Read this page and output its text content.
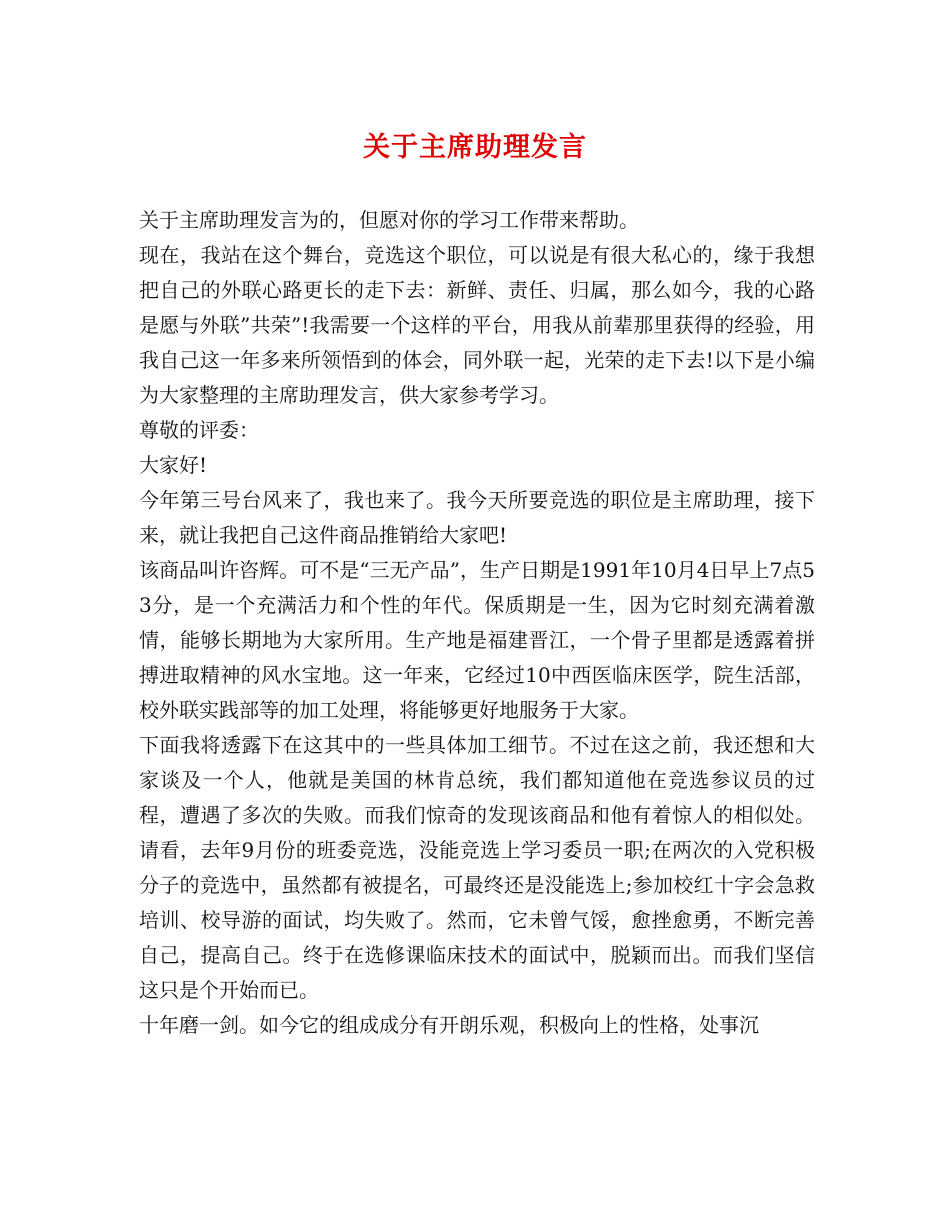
关于主席助理发言

关于主席助理发言为的，但愿对你的学习工作带来帮助。

现在，我站在这个舞台，竞选这个职位，可以说是有很大私心的，缘于我想把自己的外联心路更长的走下去：新鲜、责任、归属，那么如今，我的心路是愿与外联”共荣”!我需要一个这样的平台，用我从前辈那里获得的经验，用我自己这一年多来所领悟到的体会，同外联一起，光荣的走下去!以下是小编为大家整理的主席助理发言，供大家参考学习。

尊敬的评委：

大家好!

今年第三号台风来了，我也来了。我今天所要竞选的职位是主席助理，接下来，就让我把自己这件商品推销给大家吧!

该商品叫许咨辉。可不是“三无产品”，生产日期是1991年10月4日早上7点53分，是一个充满活力和个性的年代。保质期是一生，因为它时刻充满着激情，能够长期地为大家所用。生产地是福建晋江，一个骨子里都是透露着拼搏进取精神的风水宝地。这一年来，它经过10中西医临床医学，院生活部，校外联实践部等的加工处理，将能够更好地服务于大家。

下面我将透露下在这其中的一些具体加工细节。不过在这之前，我还想和大家谈及一个人，他就是美国的林肯总统，我们都知道他在竞选参议员的过程，遭遇了多次的失败。而我们惊奇的发现该商品和他有着惊人的相似处。请看，去年9月份的班委竞选，没能竞选上学习委员一职;在两次的入党积极分子的竞选中，虽然都有被提名，可最终还是没能选上;参加校红十字会急救培训、校导游的面试，均失败了。然而，它未曾气馁，愈挫愈勇，不断完善自己，提高自己。终于在选修课临床技术的面试中，脱颖而出。而我们坚信这只是个开始而已。

十年磨一剑。如今它的组成成分有开朗乐观，积极向上的性格，处事沉
